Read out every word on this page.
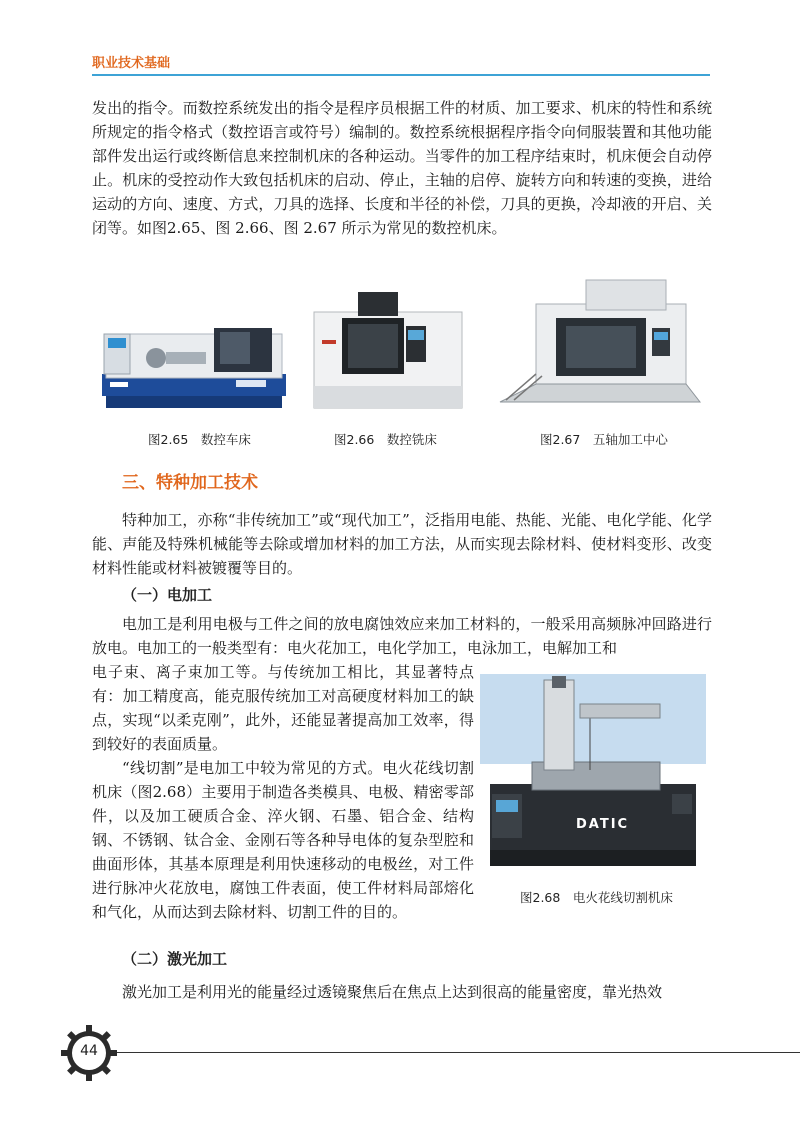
职业技术基础

发出的指令。而数控系统发出的指令是程序员根据工件的材质、加工要求、机床的特性和系统所规定的指令格式（数控语言或符号）编制的。数控系统根据程序指令向伺服装置和其他功能部件发出运行或终断信息来控制机床的各种运动。当零件的加工程序结束时，机床便会自动停止。机床的受控动作大致包括机床的启动、停止，主轴的启停、旋转方向和转速的变换，进给运动的方向、速度、方式，刀具的选择、长度和半径的补偿，刀具的更换，冷却液的开启、关闭等。如图2.65、图 2.66、图 2.67 所示为常见的数控机床。

图2.65　数控车床	图2.66　数控铣床	图2.67　五轴加工中心
三、特种加工技术

特种加工，亦称“非传统加工”或“现代加工”，泛指用电能、热能、光能、电化学能、化学能、声能及特殊机械能等去除或增加材料的加工方法，从而实现去除材料、使材料变形、改变材料性能或材料被镀覆等目的。

（一）电加工

电加工是利用电极与工件之间的放电腐蚀效应来加工材料的，一般采用高频脉冲回路进行放电。电加工的一般类型有：电火花加工，电化学加工，电泳加工，电解加工和

电子束、离子束加工等。与传统加工相比，其显著特点有：加工精度高，能克服传统加工对高硬度材料加工的缺点，实现“以柔克刚”，此外，还能显著提高加工效率，得到较好的表面质量。

“线切割”是电加工中较为常见的方式。电火花线切割机床（图2.68）主要用于制造各类模具、电极、精密零部件，以及加工硬质合金、淬火钢、石墨、铝合金、结构钢、不锈钢、钛合金、金刚石等各种导电体的复杂型腔和曲面形体，其基本原理是利用快速移动的电极丝，对工件进行脉冲火花放电，腐蚀工件表面，使工件材料局部熔化和气化，从而达到去除材料、切割工件的目的。

DATIC
图2.68　电火花线切割机床
（二）激光加工

激光加工是利用光的能量经过透镜聚焦后在焦点上达到很高的能量密度，靠光热效

44
